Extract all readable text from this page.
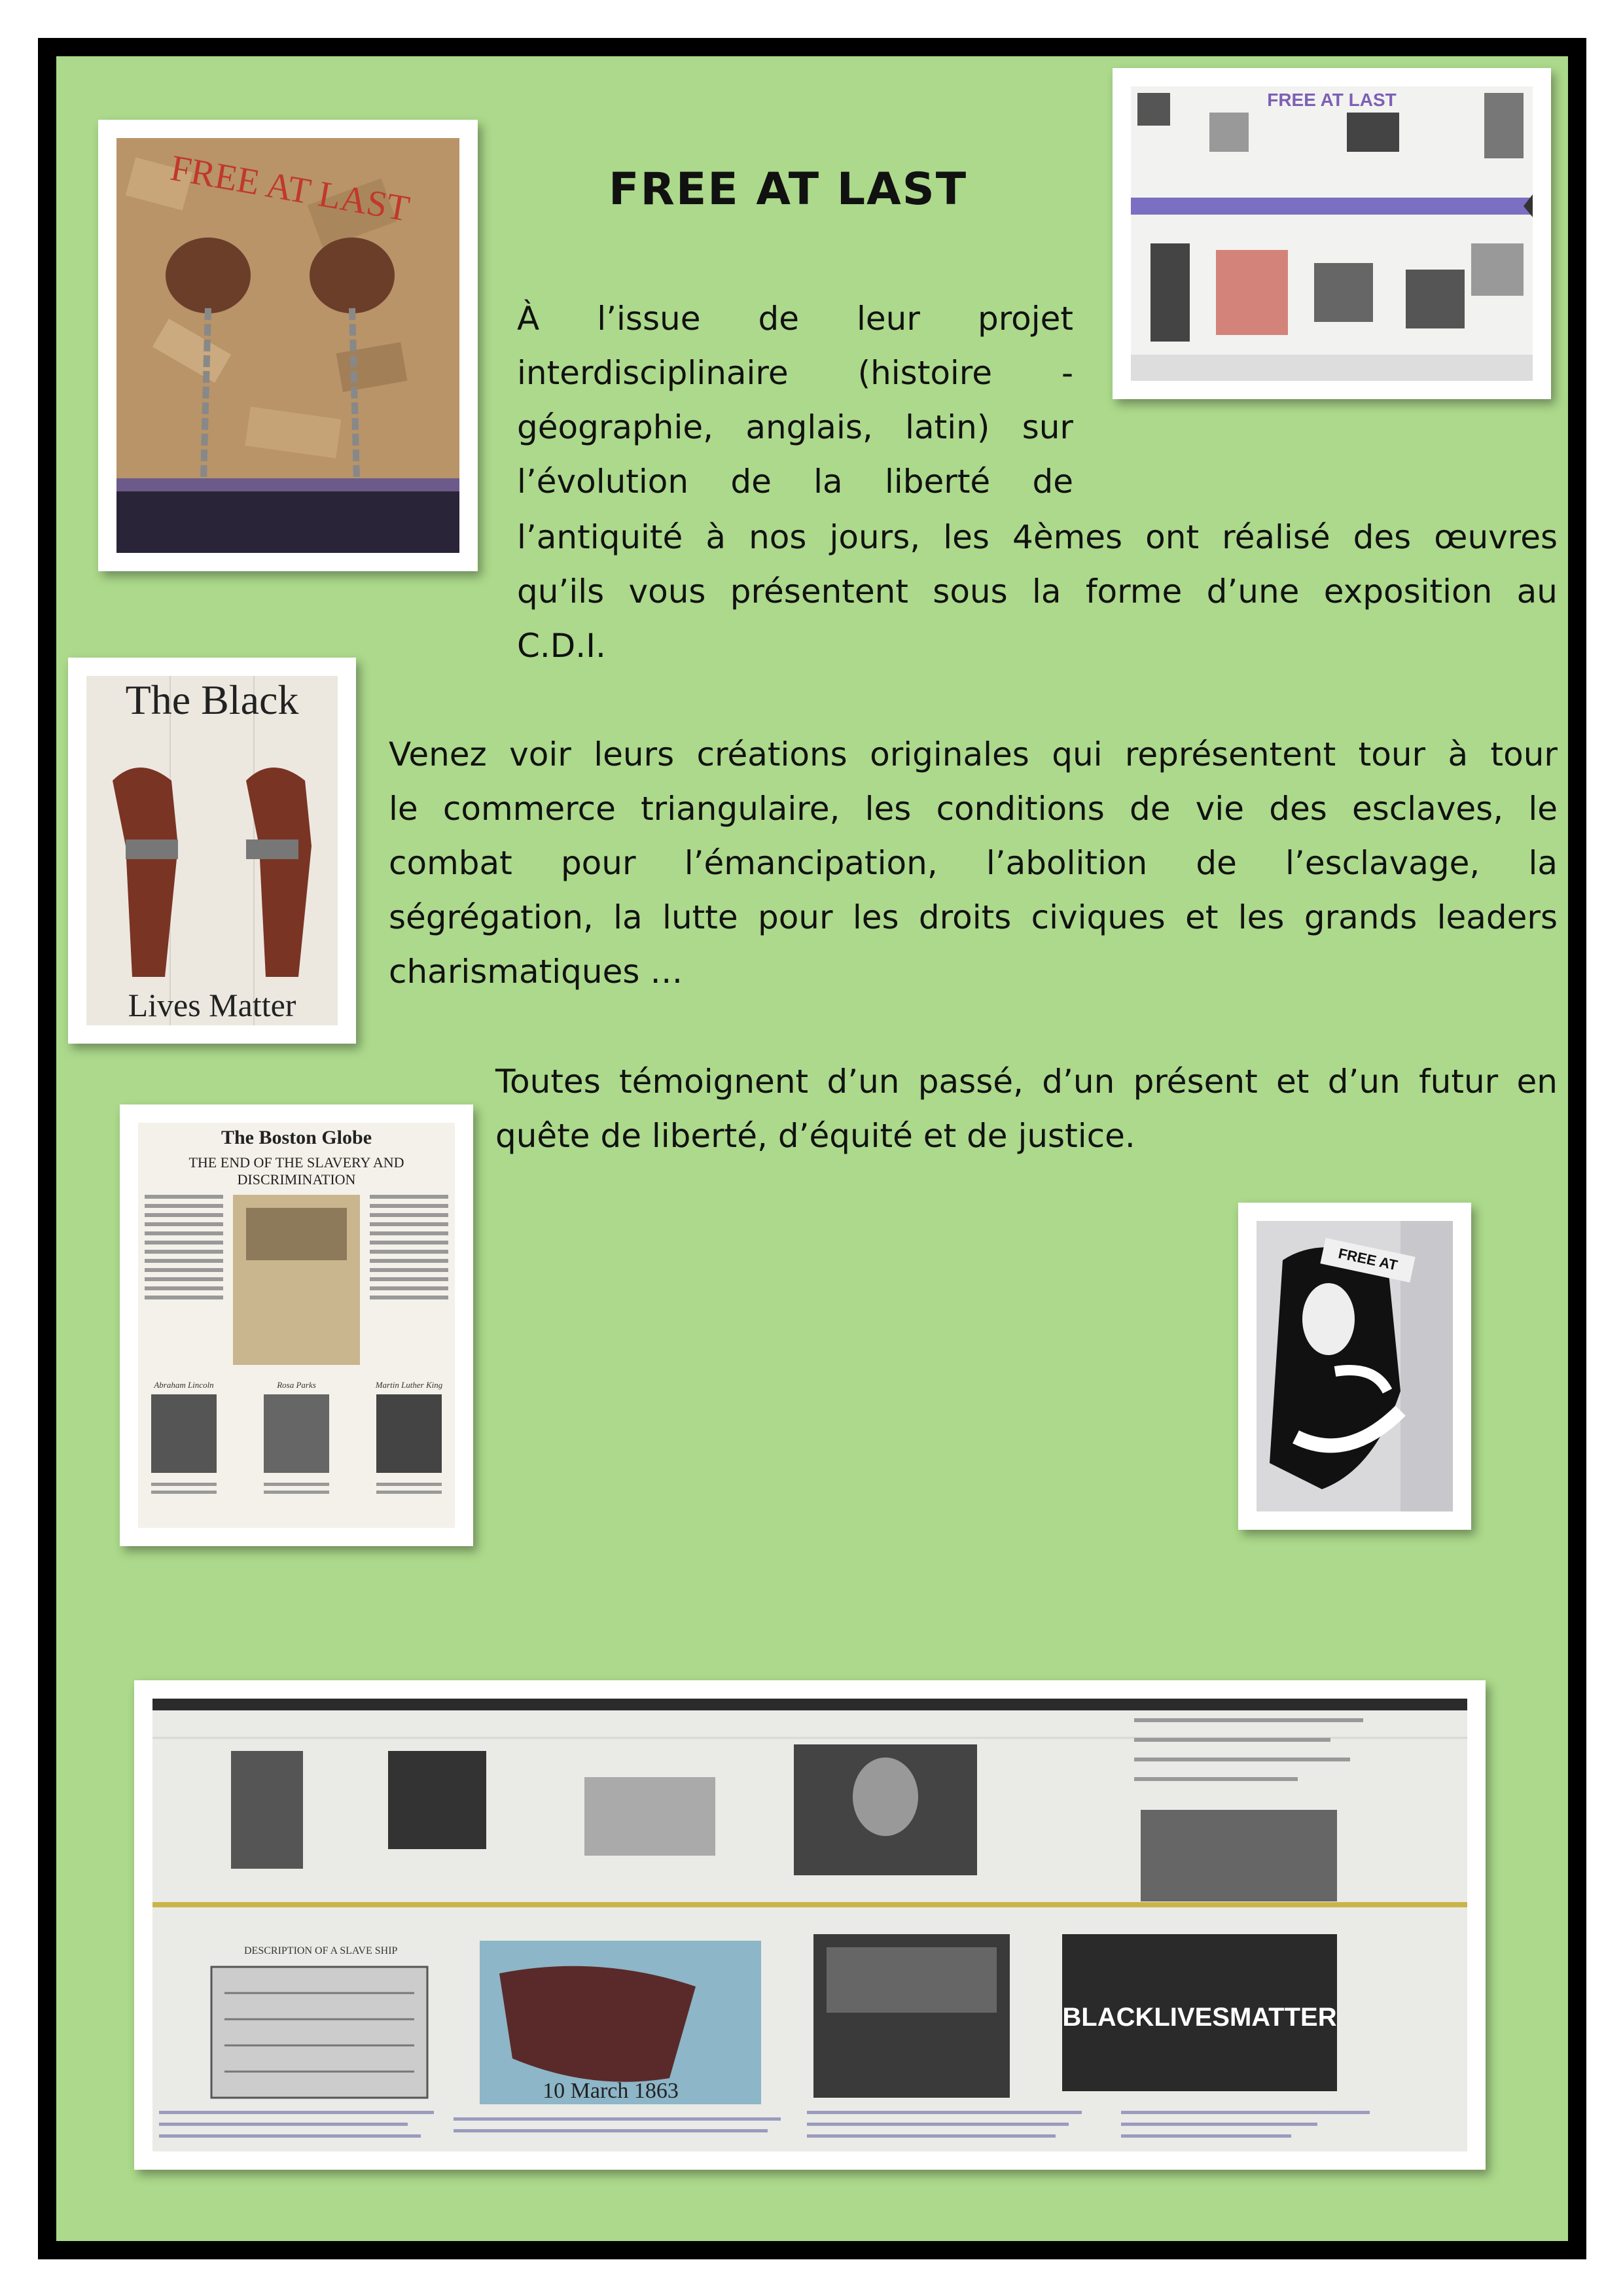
FREE AT LAST	FREE AT LAST
À l’issue de leur projet
interdisciplinaire (histoire -
géographie, anglais, latin) sur
l’évolution de la liberté de
l’antiquité à nos jours, les 4èmes ont réalisé des œuvres
qu’ils vous présentent sous la forme d’une exposition au
C.D.I.
FREE AT LAST
The Black
Lives Matter
Venez voir leurs créations originales qui représentent tour à tour
le commerce triangulaire, les conditions de vie des esclaves, le
combat pour l’émancipation, l’abolition de l’esclavage, la
ségrégation, la lutte pour les droits civiques et les grands leaders
charismatiques …
Toutes témoignent d’un passé, d’un présent et d’un futur en
quête de liberté, d’équité et de justice.
The Boston Globe
THE END OF THE SLAVERY AND
DISCRIMINATION
Abraham Lincoln	Rosa Parks	Martin Luther King
FREE AT
DESCRIPTION OF A SLAVE SHIP
10 March 1863
BLACKLIVESMATTER
